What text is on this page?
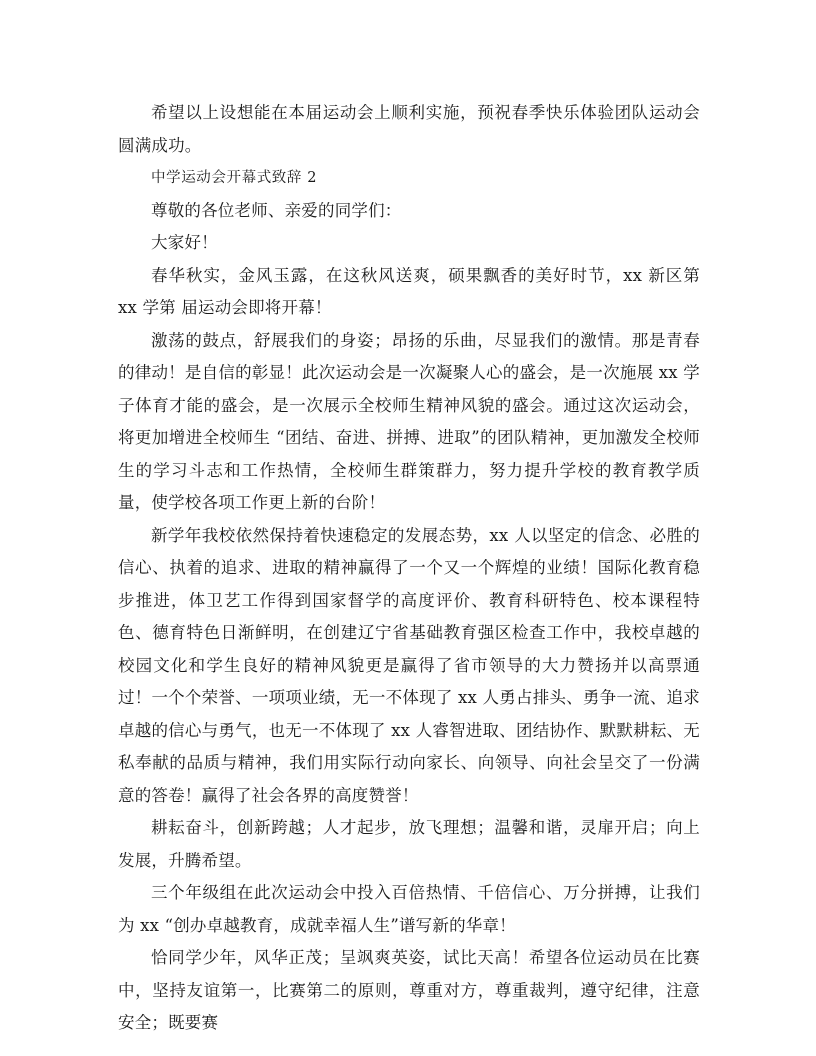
希望以上设想能在本届运动会上顺利实施，预祝春季快乐体验团队运动会圆满成功。

中学运动会开幕式致辞 2

尊敬的各位老师、亲爱的同学们：

大家好！

春华秋实，金风玉露，在这秋风送爽，硕果飘香的美好时节，xx 新区第 xx 学第 届运动会即将开幕！

激荡的鼓点，舒展我们的身姿；昂扬的乐曲，尽显我们的激情。那是青春的律动！是自信的彰显！此次运动会是一次凝聚人心的盛会，是一次施展 xx 学子体育才能的盛会，是一次展示全校师生精神风貌的盛会。通过这次运动会，将更加增进全校师生 “团结、奋进、拼搏、进取”的团队精神，更加激发全校师生的学习斗志和工作热情，全校师生群策群力，努力提升学校的教育教学质量，使学校各项工作更上新的台阶！

新学年我校依然保持着快速稳定的发展态势，xx 人以坚定的信念、必胜的信心、执着的追求、进取的精神赢得了一个又一个辉煌的业绩！国际化教育稳步推进，体卫艺工作得到国家督学的高度评价、教育科研特色、校本课程特色、德育特色日渐鲜明，在创建辽宁省基础教育强区检查工作中，我校卓越的校园文化和学生良好的精神风貌更是赢得了省市领导的大力赞扬并以高票通过！一个个荣誉、一项项业绩，无一不体现了 xx 人勇占排头、勇争一流、追求卓越的信心与勇气，也无一不体现了 xx 人睿智进取、团结协作、默默耕耘、无私奉献的品质与精神，我们用实际行动向家长、向领导、向社会呈交了一份满意的答卷！赢得了社会各界的高度赞誉！

耕耘奋斗，创新跨越；人才起步，放飞理想；温馨和谐，灵扉开启；向上发展，升腾希望。

三个年级组在此次运动会中投入百倍热情、千倍信心、万分拼搏，让我们为 xx “创办卓越教育，成就幸福人生”谱写新的华章！

恰同学少年，风华正茂；呈飒爽英姿，试比天高！希望各位运动员在比赛中，坚持友谊第一，比赛第二的原则，尊重对方，尊重裁判，遵守纪律，注意安全；既要赛
